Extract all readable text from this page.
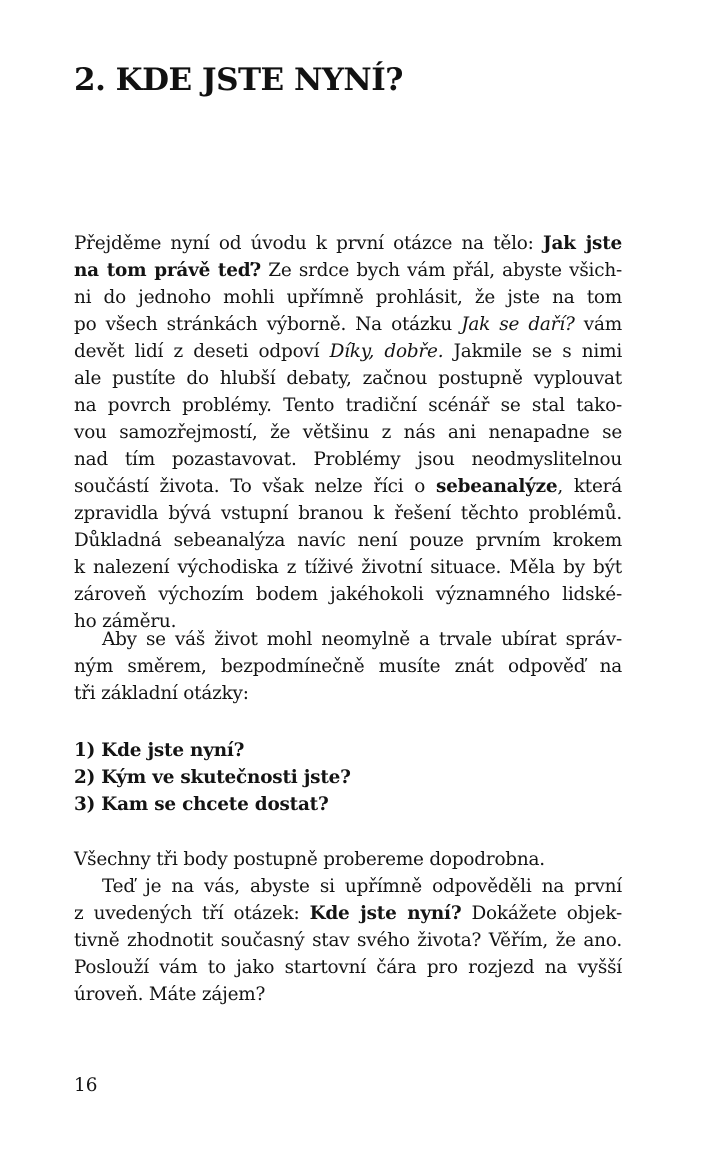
2. KDE JSTE NYNÍ?
Přejděme nyní od úvodu k první otázce na tělo: Jak jste
na tom právě teď? Ze srdce bych vám přál, abyste všich-
ni do jednoho mohli upřímně prohlásit, že jste na tom
po všech stránkách výborně. Na otázku Jak se daří? vám
devět lidí z deseti odpoví Díky, dobře. Jakmile se s nimi
ale pustíte do hlubší debaty, začnou postupně vyplouvat
na povrch problémy. Tento tradiční scénář se stal tako-
vou samozřejmostí, že většinu z nás ani nenapadne se
nad tím pozastavovat. Problémy jsou neodmyslitelnou
součástí života. To však nelze říci o sebeanalýze, která
zpravidla bývá vstupní branou k řešení těchto problémů.
Důkladná sebeanalýza navíc není pouze prvním krokem
k nalezení východiska z tíživé životní situace. Měla by být
zároveň výchozím bodem jakéhokoli významného lidské-
ho záměru.
Aby se váš život mohl neomylně a trvale ubírat správ-
ným směrem, bezpodmínečně musíte znát odpověď na
tři základní otázky:
1) Kde jste nyní?
2) Kým ve skutečnosti jste?
3) Kam se chcete dostat?
Všechny tři body postupně probereme dopodrobna.
Teď je na vás, abyste si upřímně odpověděli na první
z uvedených tří otázek: Kde jste nyní? Dokážete objek-
tivně zhodnotit současný stav svého života? Věřím, že ano.
Poslouží vám to jako startovní čára pro rozjezd na vyšší
úroveň. Máte zájem?
16
